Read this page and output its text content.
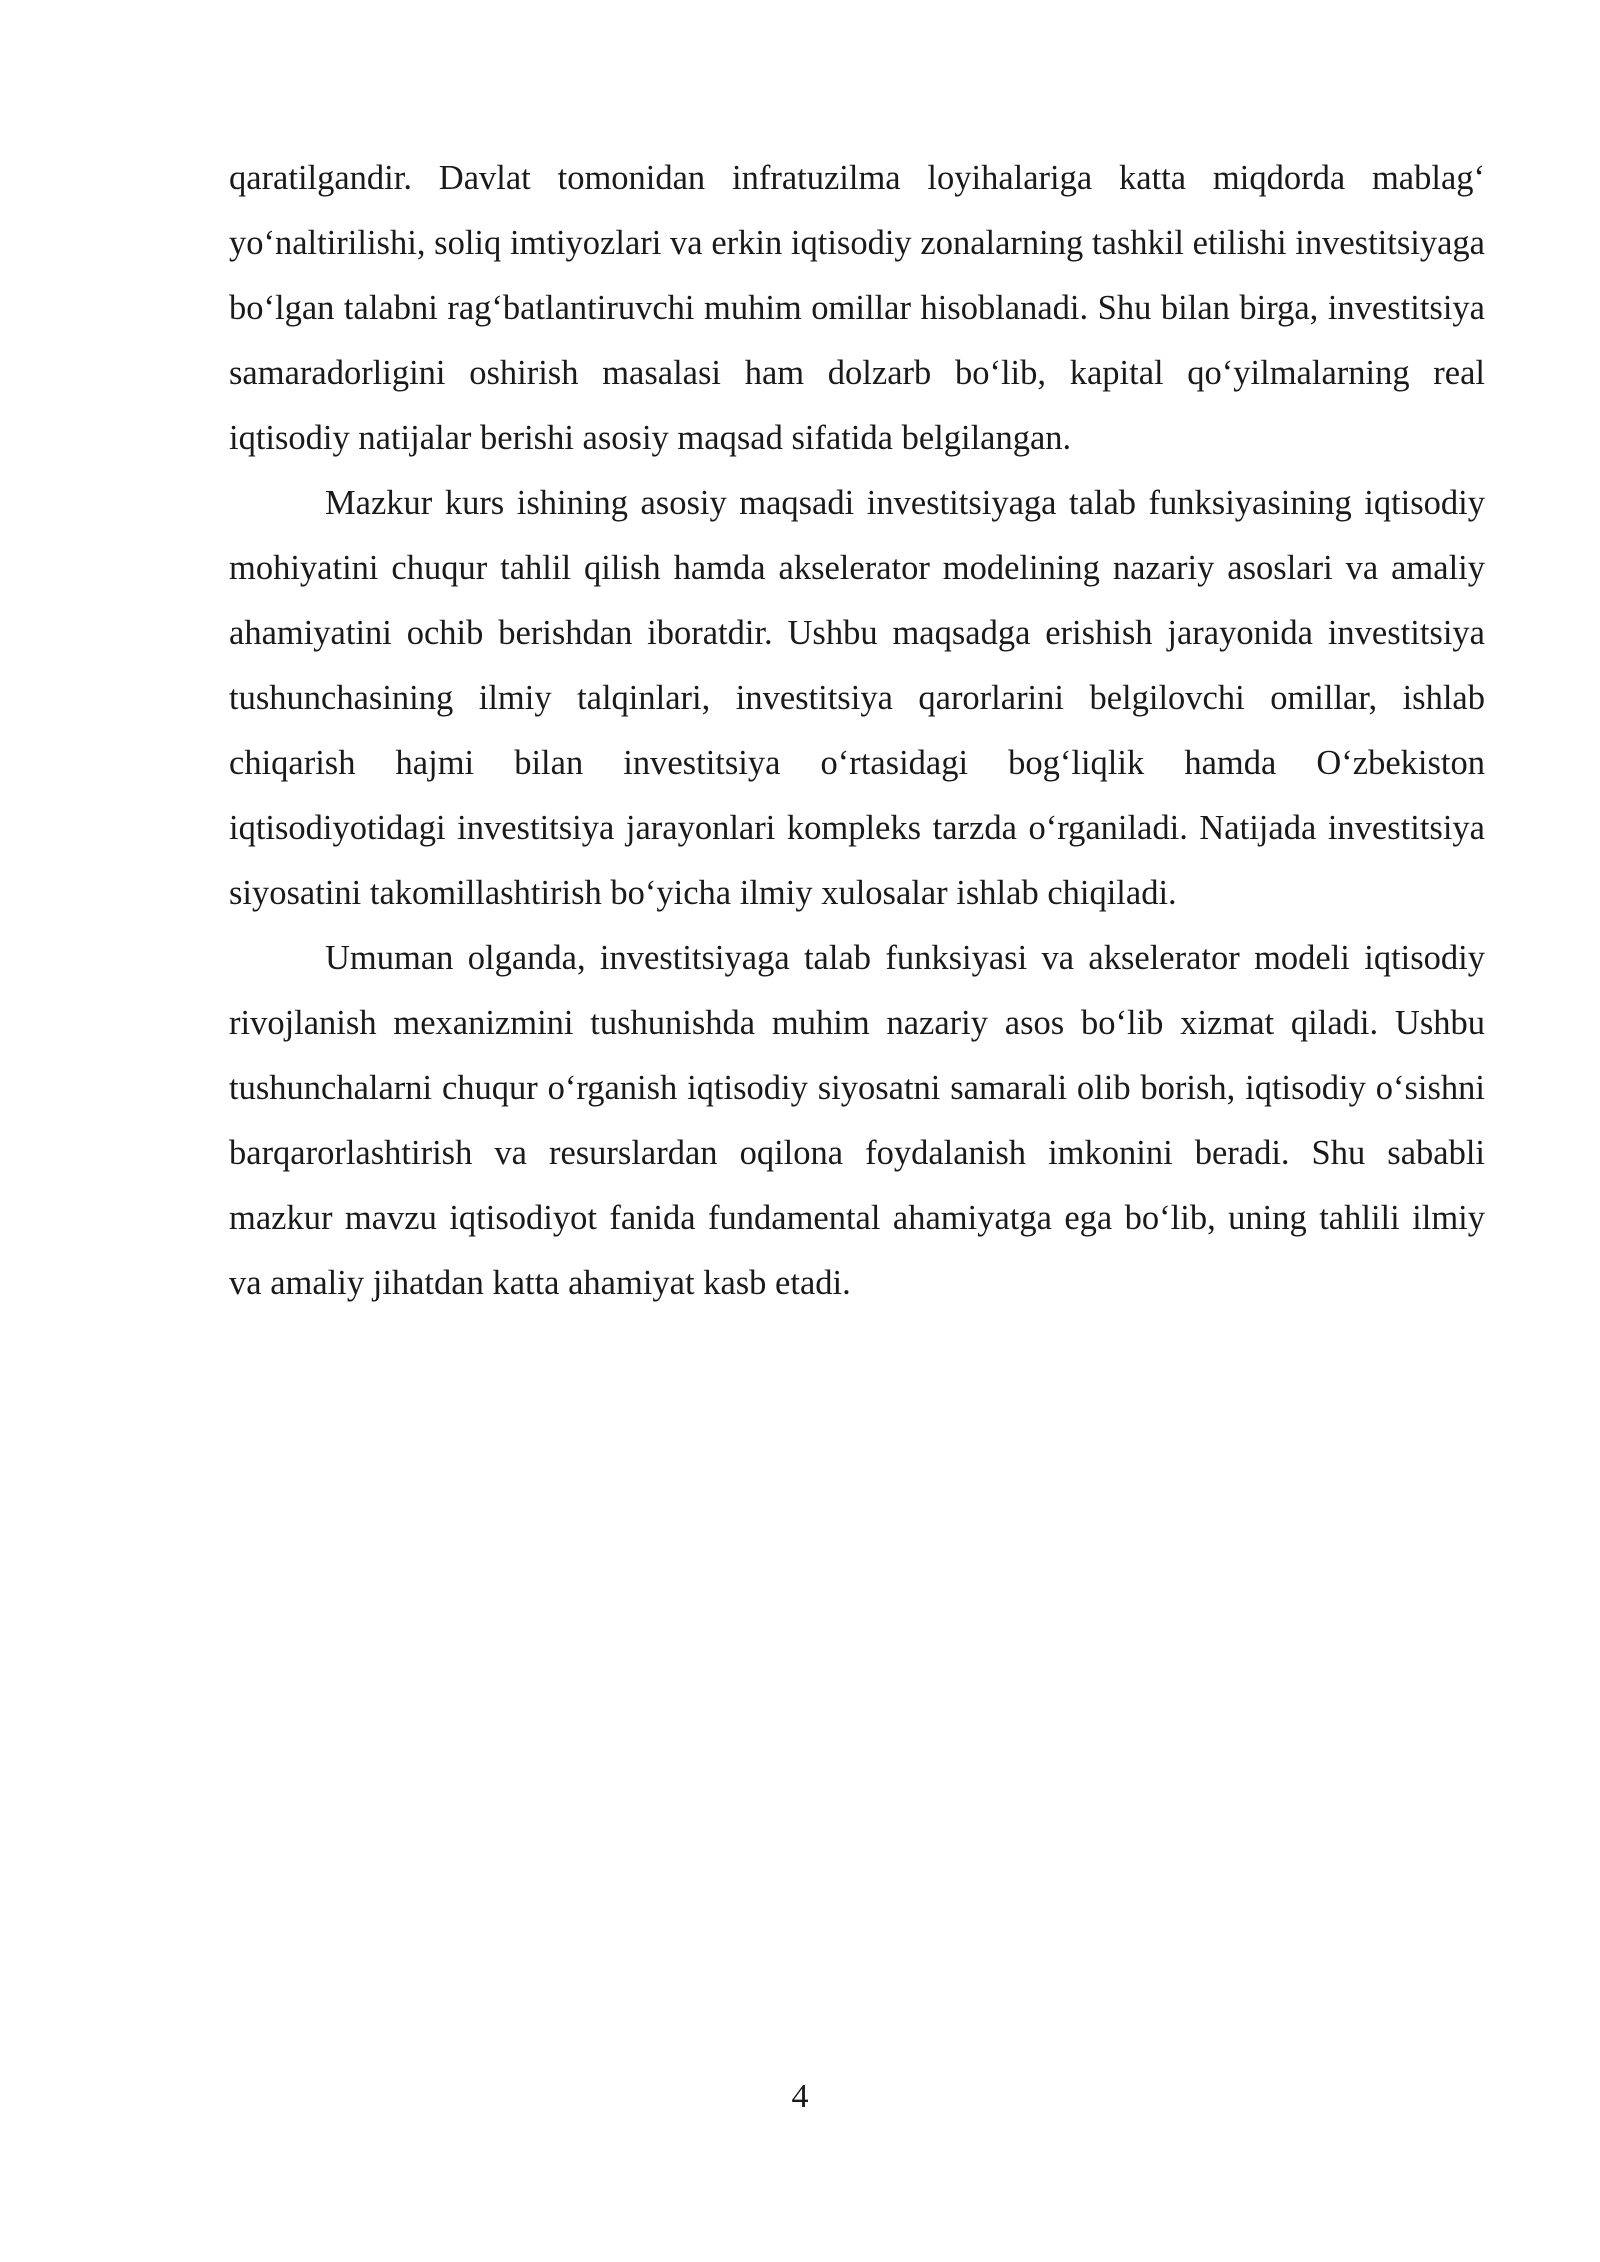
qaratilgandir. Davlat tomonidan infratuzilma loyihalariga katta miqdorda mablag‘ yo‘naltirilishi, soliq imtiyozlari va erkin iqtisodiy zonalarning tashkil etilishi investitsiyaga bo‘lgan talabni rag‘batlantiruvchi muhim omillar hisoblanadi. Shu bilan birga, investitsiya samaradorligini oshirish masalasi ham dolzarb bo‘lib, kapital qo‘yilmalarning real iqtisodiy natijalar berishi asosiy maqsad sifatida belgilangan.

Mazkur kurs ishining asosiy maqsadi investitsiyaga talab funksiyasining iqtisodiy mohiyatini chuqur tahlil qilish hamda akselerator modelining nazariy asoslari va amaliy ahamiyatini ochib berishdan iboratdir. Ushbu maqsadga erishish jarayonida investitsiya tushunchasining ilmiy talqinlari, investitsiya qarorlarini belgilovchi omillar, ishlab chiqarish hajmi bilan investitsiya o‘rtasidagi bog‘liqlik hamda O‘zbekiston iqtisodiyotidagi investitsiya jarayonlari kompleks tarzda o‘rganiladi. Natijada investitsiya siyosatini takomillashtirish bo‘yicha ilmiy xulosalar ishlab chiqiladi.

Umuman olganda, investitsiyaga talab funksiyasi va akselerator modeli iqtisodiy rivojlanish mexanizmini tushunishda muhim nazariy asos bo‘lib xizmat qiladi. Ushbu tushunchalarni chuqur o‘rganish iqtisodiy siyosatni samarali olib borish, iqtisodiy o‘sishni barqarorlashtirish va resurslardan oqilona foydalanish imkonini beradi. Shu sababli mazkur mavzu iqtisodiyot fanida fundamental ahamiyatga ega bo‘lib, uning tahlili ilmiy va amaliy jihatdan katta ahamiyat kasb etadi.

4
